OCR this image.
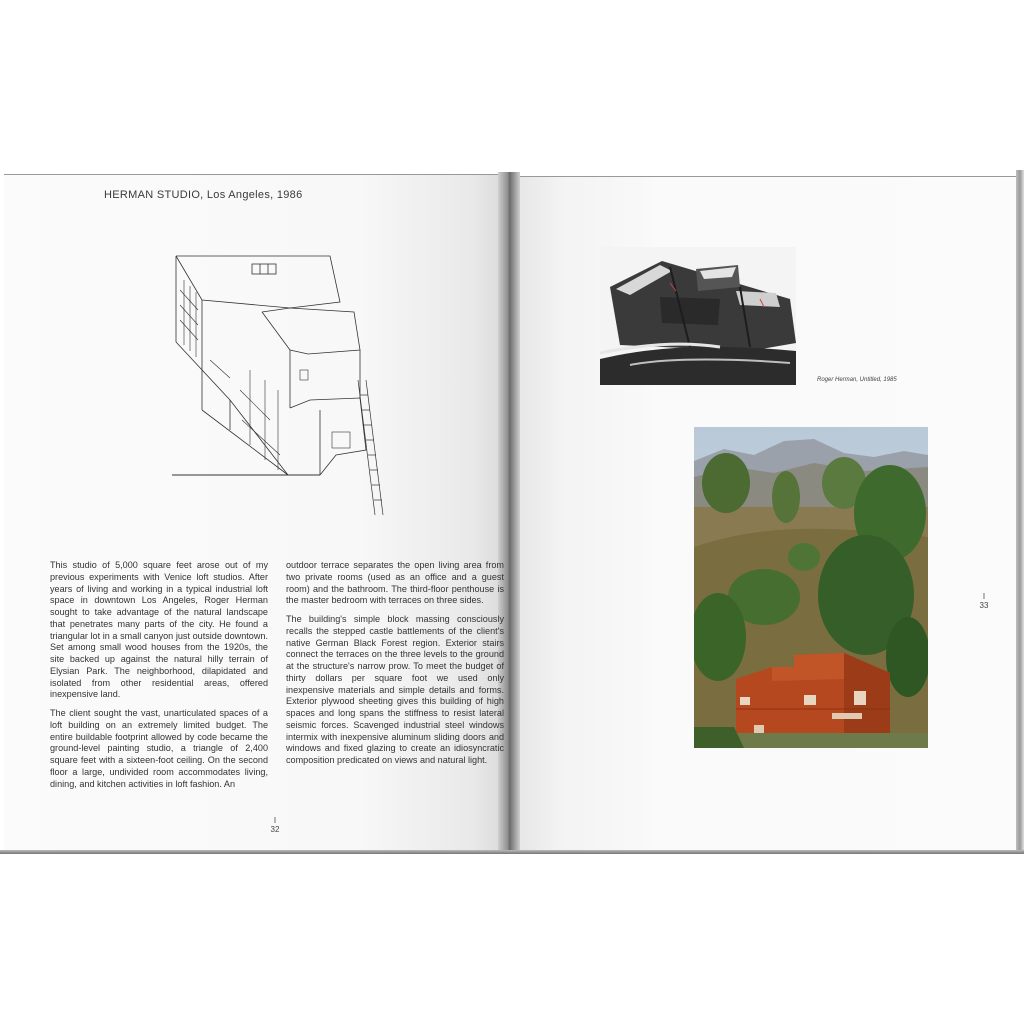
HERMAN STUDIO, Los Angeles, 1986

This studio of 5,000 square feet arose out of my previous experiments with Venice loft studios. After years of living and working in a typical industrial loft space in downtown Los Angeles, Roger Herman sought to take advantage of the natural landscape that penetrates many parts of the city. He found a triangular lot in a small canyon just outside downtown. Set among small wood houses from the 1920s, the site backed up against the natural hilly terrain of Elysian Park. The neighborhood, dilapidated and isolated from other residential areas, offered inexpensive land.

The client sought the vast, unarticulated spaces of a loft building on an extremely limited budget. The entire buildable footprint allowed by code became the ground-level painting studio, a triangle of 2,400 square feet with a sixteen-foot ceiling. On the second floor a large, undivided room accommodates living, dining, and kitchen activities in loft fashion. An

outdoor terrace separates the open living area from two private rooms (used as an office and a guest room) and the bathroom. The third-floor penthouse is the master bedroom with terraces on three sides.

The building's simple block massing consciously recalls the stepped castle battlements of the client's native German Black Forest region. Exterior stairs connect the terraces on the three levels to the ground at the structure's narrow prow. To meet the budget of thirty dollars per square foot we used only inexpensive materials and simple details and forms. Exterior plywood sheeting gives this building of high spaces and long spans the stiffness to resist lateral seismic forces. Scavenged industrial steel windows intermix with inexpensive aluminum sliding doors and windows and fixed glazing to create an idiosyncratic composition predicated on views and natural light.

I
32
Roger Herman, Untitled, 1985
I
33
